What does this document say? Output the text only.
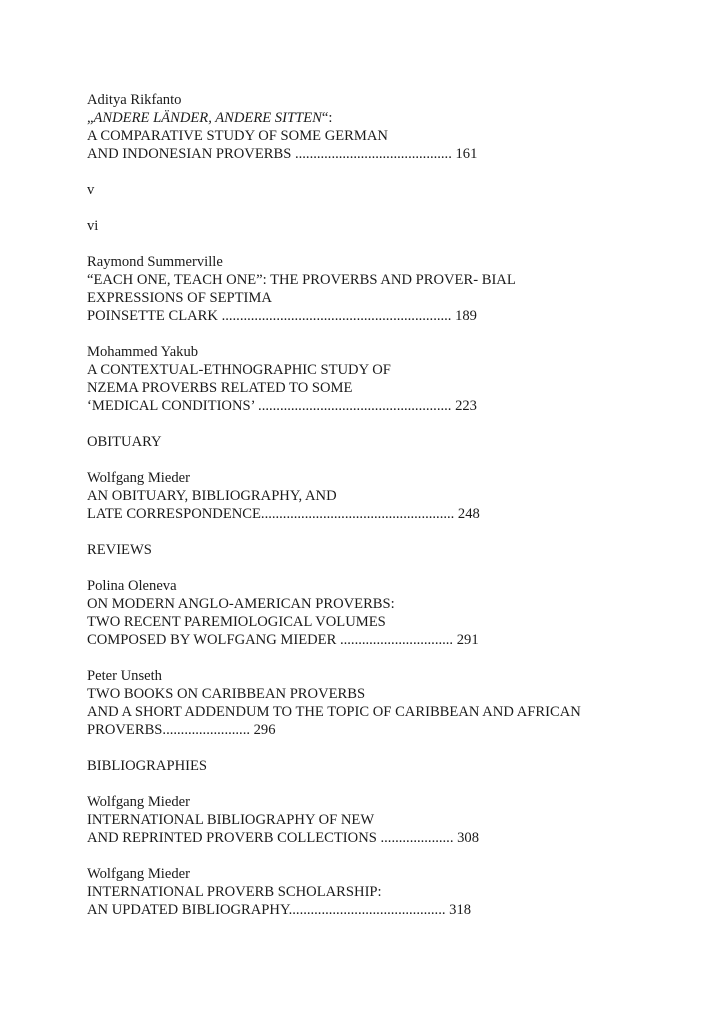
Aditya Rikfanto
„ANDERE LÄNDER, ANDERE SITTEN“:
A COMPARATIVE STUDY OF SOME GERMAN
AND INDONESIAN PROVERBS ........................................... 161
v
vi
Raymond Summerville
“EACH ONE, TEACH ONE”: THE PROVERBS AND PROVER- BIAL
EXPRESSIONS OF SEPTIMA
POINSETTE CLARK ............................................................... 189
Mohammed Yakub
A CONTEXTUAL-ETHNOGRAPHIC STUDY OF
NZEMA PROVERBS RELATED TO SOME
‘MEDICAL CONDITIONS’ ..................................................... 223
OBITUARY
Wolfgang Mieder
AN OBITUARY, BIBLIOGRAPHY, AND
LATE CORRESPONDENCE..................................................... 248
REVIEWS
Polina Oleneva
ON MODERN ANGLO-AMERICAN PROVERBS:
TWO RECENT PAREMIOLOGICAL VOLUMES
COMPOSED BY WOLFGANG MIEDER ............................... 291
Peter Unseth
TWO BOOKS ON CARIBBEAN PROVERBS
AND A SHORT ADDENDUM TO THE TOPIC OF CARIBBEAN AND AFRICAN
PROVERBS........................ 296
BIBLIOGRAPHIES
Wolfgang Mieder
INTERNATIONAL BIBLIOGRAPHY OF NEW
AND REPRINTED PROVERB COLLECTIONS .................... 308
Wolfgang Mieder
INTERNATIONAL PROVERB SCHOLARSHIP:
AN UPDATED BIBLIOGRAPHY........................................... 318
